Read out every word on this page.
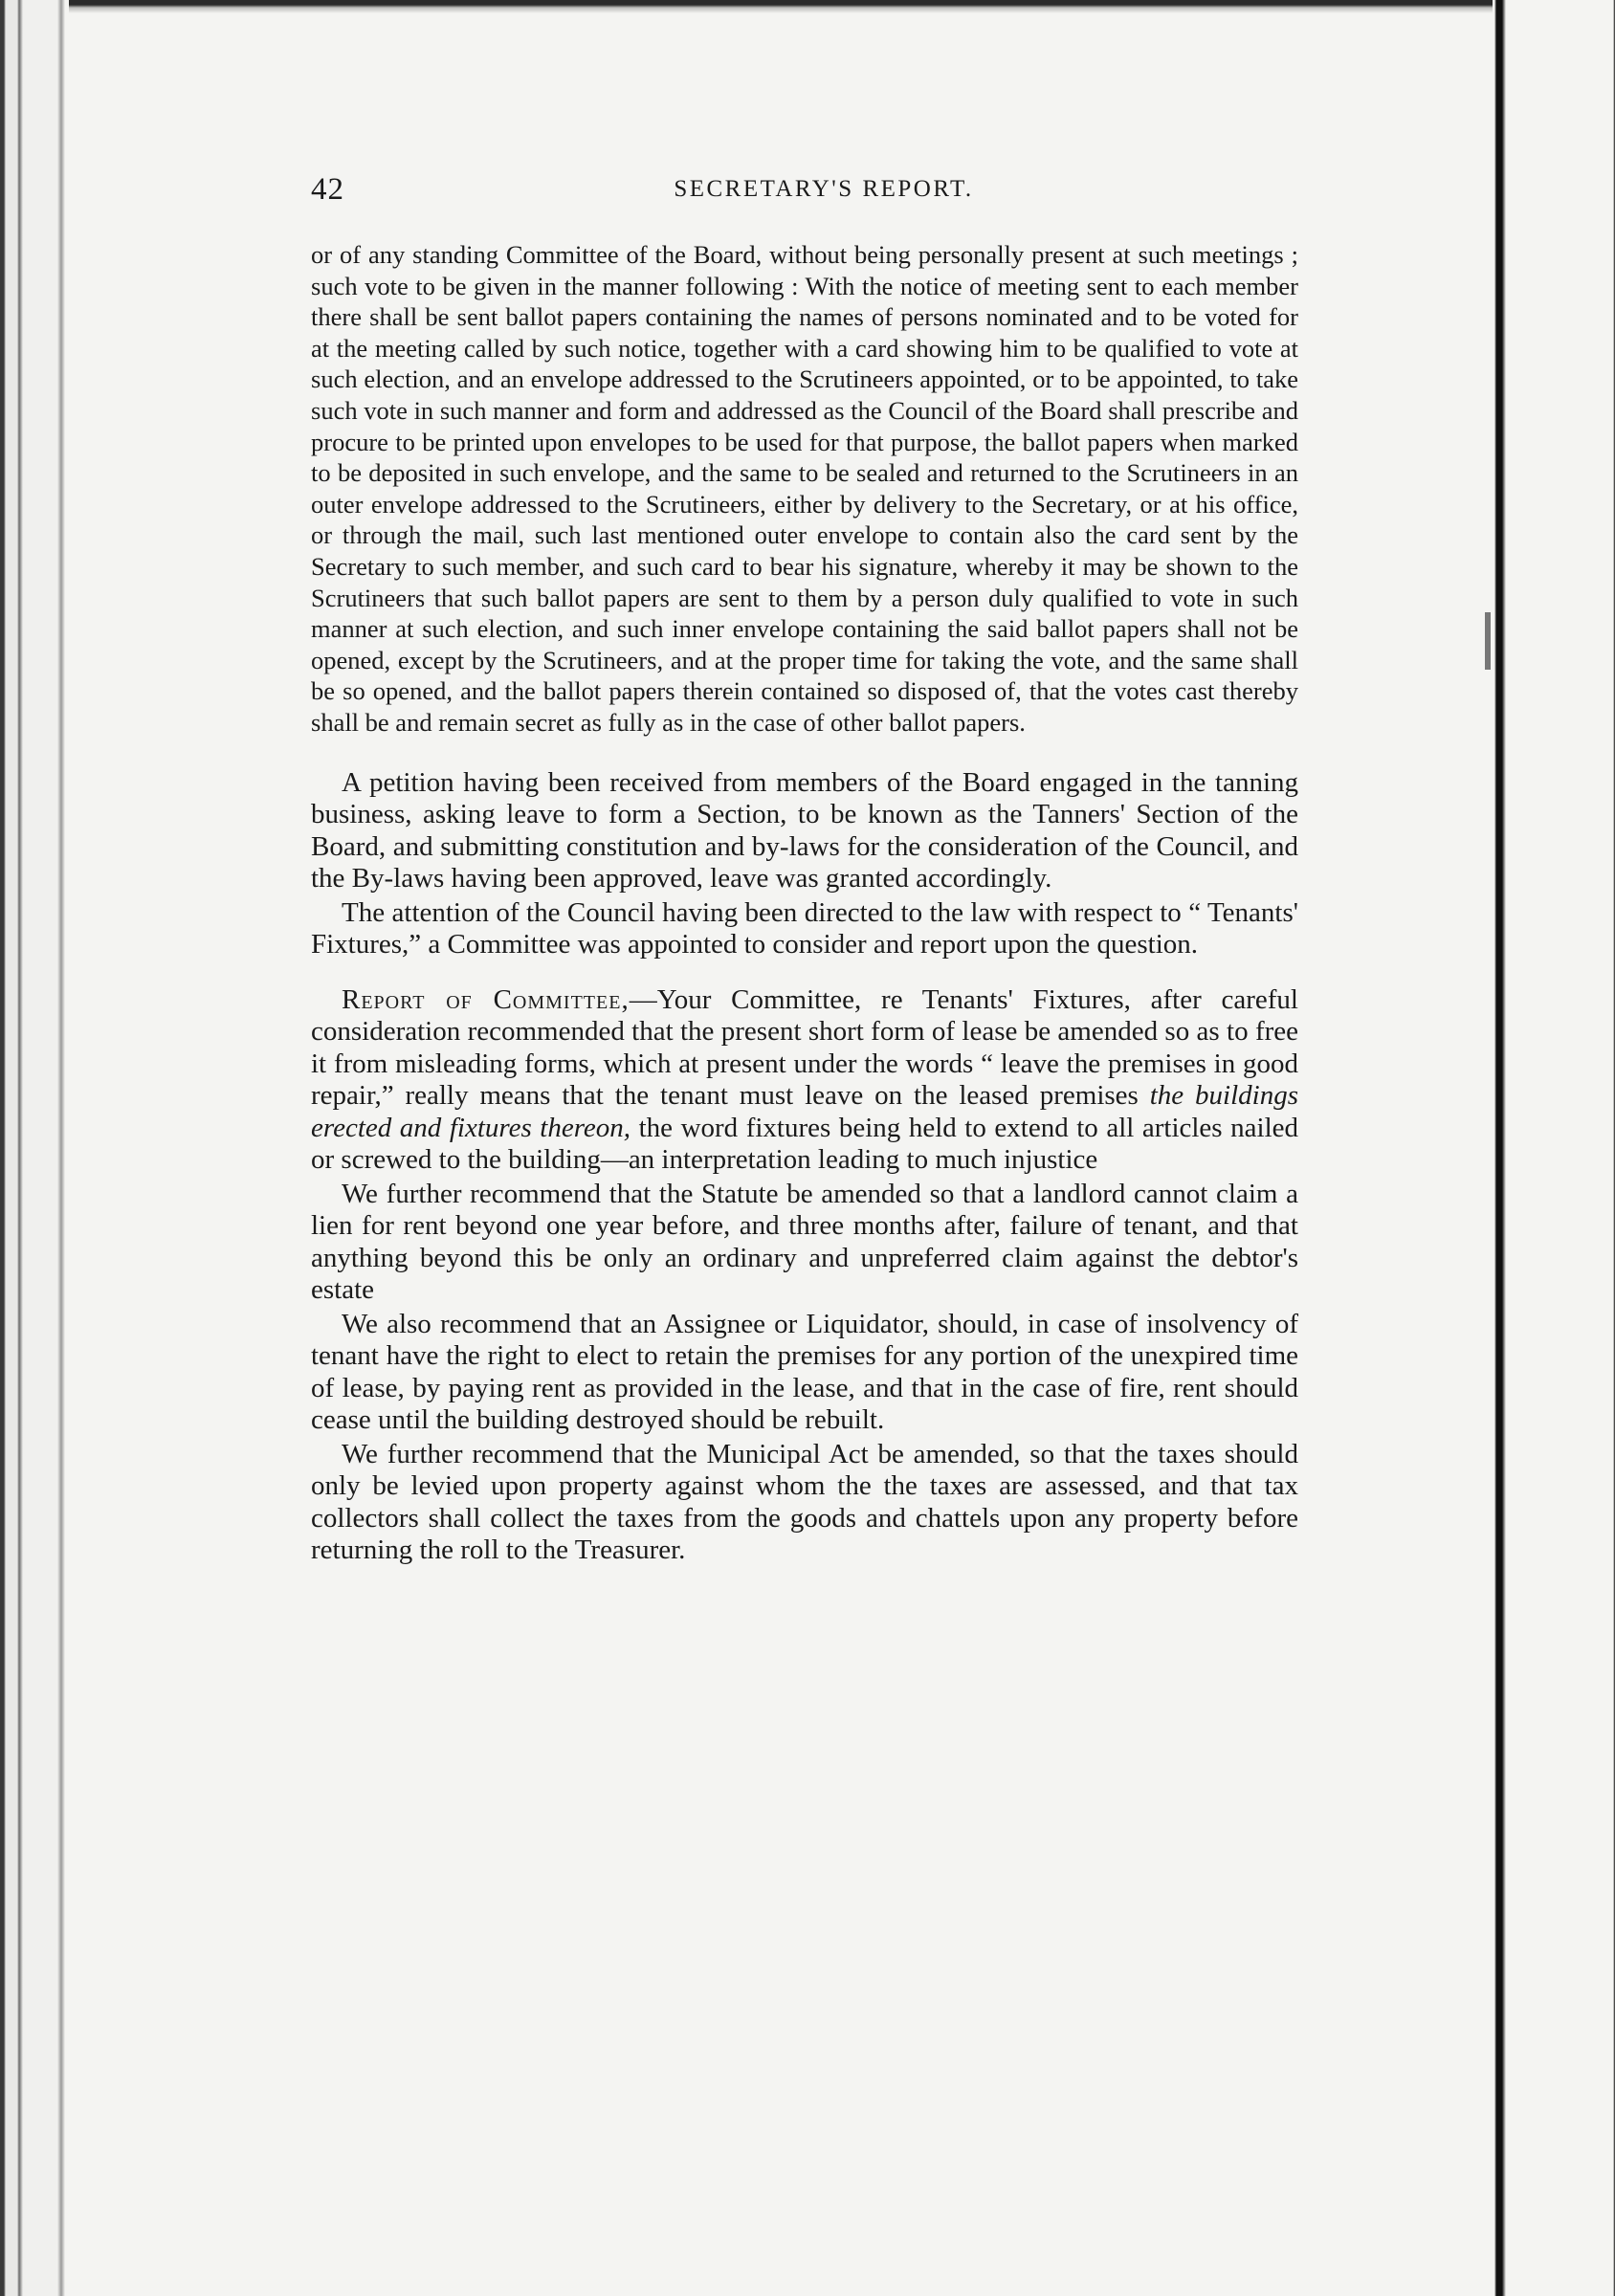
42	SECRETARY'S REPORT.

or of any standing Committee of the Board, without being personally present at such meetings ; such vote to be given in the manner following : With the notice of meeting sent to each member there shall be sent ballot papers containing the names of persons nominated and to be voted for at the meeting called by such notice, together with a card showing him to be qualified to vote at such election, and an envelope addressed to the Scrutineers appointed, or to be appointed, to take such vote in such manner and form and addressed as the Council of the Board shall prescribe and procure to be printed upon envelopes to be used for that purpose, the ballot papers when marked to be deposited in such envelope, and the same to be sealed and returned to the Scrutineers in an outer envelope addressed to the Scrutineers, either by delivery to the Secretary, or at his office, or through the mail, such last mentioned outer envelope to contain also the card sent by the Secretary to such member, and such card to bear his signature, whereby it may be shown to the Scrutineers that such ballot papers are sent to them by a person duly qualified to vote in such manner at such election, and such inner envelope containing the said ballot papers shall not be opened, except by the Scrutineers, and at the proper time for taking the vote, and the same shall be so opened, and the ballot papers therein contained so disposed of, that the votes cast thereby shall be and remain secret as fully as in the case of other ballot papers.

A petition having been received from members of the Board engaged in the tanning business, asking leave to form a Section, to be known as the Tanners' Section of the Board, and submitting constitution and by-laws for the consideration of the Council, and the By-laws having been approved, leave was granted accordingly.

The attention of the Council having been directed to the law with respect to “ Tenants' Fixtures,” a Committee was appointed to consider and report upon the question.

Report of Committee,—Your Committee, re Tenants' Fixtures, after careful consideration recommended that the present short form of lease be amended so as to free it from misleading forms, which at present under the words “ leave the premises in good repair,” really means that the tenant must leave on the leased premises the buildings erected and fixtures thereon, the word fixtures being held to extend to all articles nailed or screwed to the building—an interpretation leading to much injustice

We further recommend that the Statute be amended so that a landlord cannot claim a lien for rent beyond one year before, and three months after, failure of tenant, and that anything beyond this be only an ordinary and unpreferred claim against the debtor's estate

We also recommend that an Assignee or Liquidator, should, in case of insolvency of tenant have the right to elect to retain the premises for any portion of the unexpired time of lease, by paying rent as provided in the lease, and that in the case of fire, rent should cease until the building destroyed should be rebuilt.

We further recommend that the Municipal Act be amended, so that the taxes should only be levied upon property against whom the the taxes are assessed, and that tax collectors shall collect the taxes from the goods and chattels upon any property before returning the roll to the Treasurer.
